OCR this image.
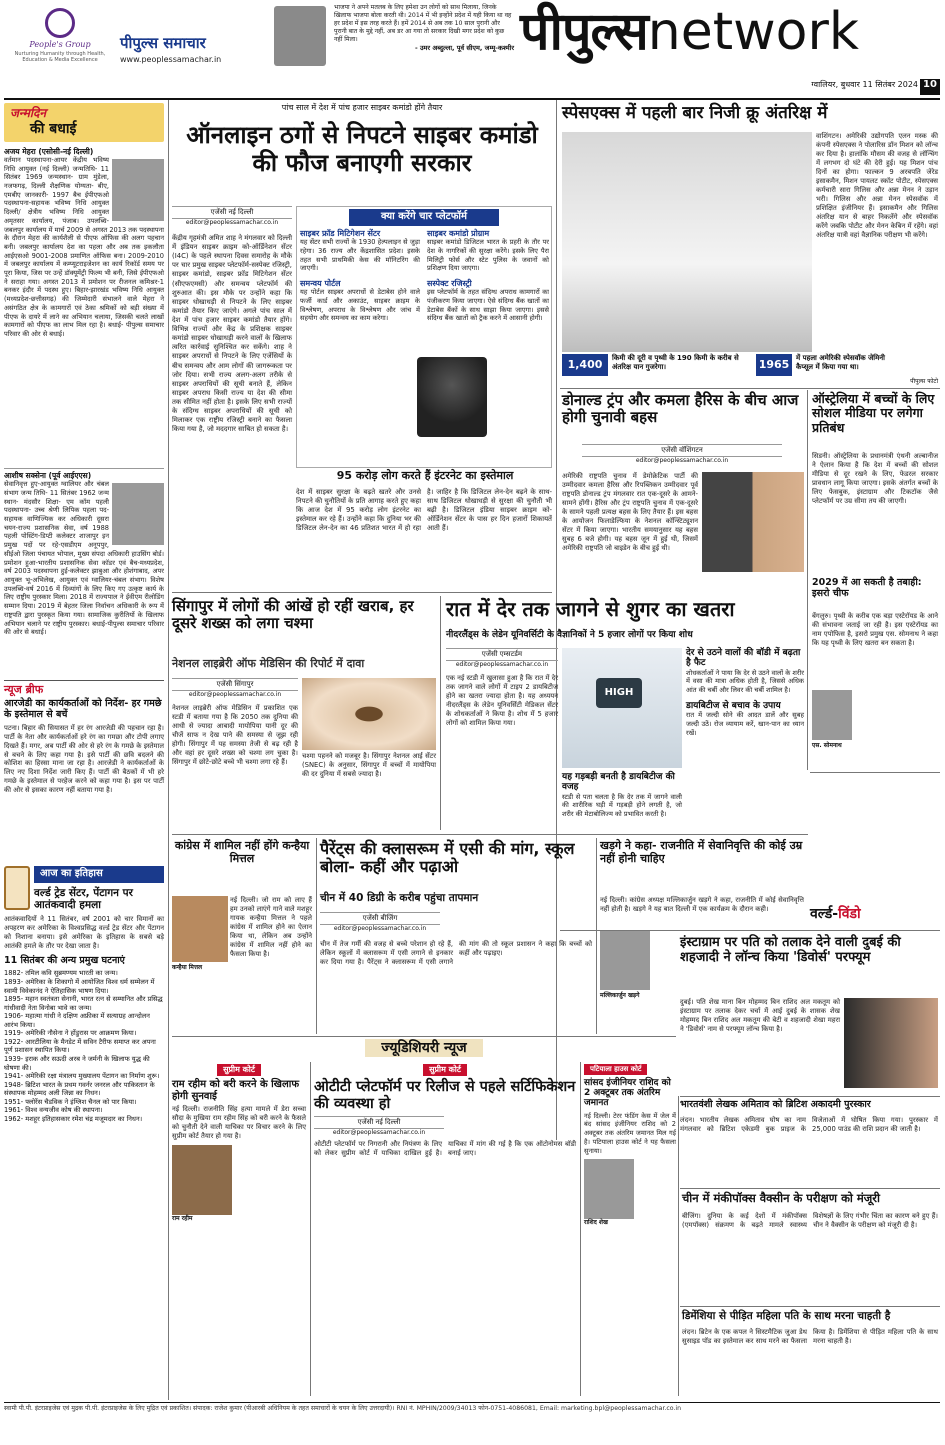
People's Group
Nurturing Humanity through Health, Education & Media Excellence
पीपुल्स समाचार
www.peoplessamachar.in
भाजपा ने अपने मतलब के लिए हमेशा उन लोगों को साथ मिलाया, जिनके खिलाफ भाजपा बोला करती थी। 2014 में भी इन्होंने प्रदेश में यही किया था वह हर प्रदेश में इस तरह करते हैं। हमें 2014 से अब तक 10 साल पुरानी और पुरानी बात के मुद्दे नहीं, अब डर आ गया तो सरकार दिखी मगर प्रदेश को कुछ नहीं मिला।
- उमर अब्दुल्ला, पूर्व सीएम, जम्मू-कश्मीर पीपुल्सnetwork
ग्वालियर, बुधवार 11 सितंबर 2024 10
जन्मदिन
की बधाई
अजय मेहरा (एसोसी-नई दिल्ली)
वर्तमान पदस्थापना-आयर केंद्रीय भविष्य निधि आयुक्त (नई दिल्ली) जन्मतिथि- 11 सितंबर 1969 जन्मस्थान- ग्राम मुंडेला, नजफगढ़, दिल्ली शैक्षणिक योग्यता- बीए, एमबीए जानकारी- 1997 बैच ईपीएफओ पदस्थापना-सहायक भविष्य निधि आयुक्त दिल्ली/ क्षेत्रीय भविष्य निधि आयुक्त अमृतसर कार्यालय, पंजाब। उपलब्धि- जबलपुर कार्यालय में मार्च 2009 से अगस्त 2013 तक पदस्थापना के दौरान मेहरा की कार्यशैली से पीएफ ऑफिस की अलग पहचान बनी। जबलपुर कार्यालय देश का पहला और अब तक इकलौता आईएसओ 9001-2008 प्रमाणित ऑफिस बना। 2009-2010 में जबलपुर कार्यालय में कम्प्यूटराइजेशन का कार्य रिकॉर्ड समय पर पूरा किया, जिस पर उन्हें डॉक्यूमेंट्री फिल्म भी बनी, जिसे ईपीएफओ ने सराहा गया। अगस्त 2013 में प्रमोशन पर रीजनल कमिश्नर-1 बनकर इंदौर में पदस्थ हुए। बिहार-झारखंड भविष्य निधि आयुक्त (मध्यप्रदेश-छत्तीसगढ़) की जिम्मेदारी संभालने वाले मेहरा ने असंगठित क्षेत्र के कामगारों एवं ठेका श्रमिकों को बड़ी संख्या में पीएफ के दायरे में लाने का अभियान चलाया, जिसकी चलते लाखों कामगारों को पीएफ का लाभ मिल रहा है। बधाई- पीपुल्स समाचार परिवार की ओर से बधाई।
आशीष सक्सेना (पूर्व आईएएस)
सेवानिवृत्त हुए-आयुक्त ग्वालियर और चंबल संभाग जन्म तिथि- 11 सितंबर 1962 जन्म स्थान- मंदसौर शिक्षा- एम कॉम पहली पदस्थापना- उच्च श्रेणी लिपिक पहला पद-सहायक वाणिज्यिक कर अधिकारी दूसरा चयन-राज्य प्रशासनिक सेवा, वर्ष 1988 पहली पोस्टिंग-डिप्टी कलेक्टर शाजापुर इन प्रमुख पदों पर रहे-एसडीएम अनूपपुर, सीईओ जिला पंचायत भोपाल, मुख्य संपदा अधिकारी हाउसिंग बोर्ड। प्रमोशन हुआ-भारतीय प्रशासनिक सेवा कॉडर एवं बैच-मध्यप्रदेश, वर्ष 2003 पदस्थापना हुई-कलेक्टर झाबुआ और होशंगाबाद, अपर आयुक्त भू-अभिलेख, आयुक्त एवं ग्वालियर-चंबल संभाग। विशेष उपलब्धि-वर्ष 2016 में दिव्यांगों के लिए किए गए उत्कृष्ट कार्य के लिए राष्ट्रीय पुरस्कार मिला। 2018 में राज्यपाल ने ईवीएम रीलोडिंग सम्मान दिया। 2019 में बेहतर जिला निर्वाचन अधिकारी के रूप में राष्ट्रपति द्वारा पुरस्कृत किया गया। सामाजिक कुरीतियों के खिलाफ अभियान चलाने पर राष्ट्रीय पुरस्कार। बधाई-पीपुल्स समाचार परिवार की ओर से बधाई।
न्यूज ब्रीफ
आरजेडी का कार्यकर्ताओं को निर्देश- हर गमछे के इस्तेमाल से बचें
पटना। बिहार की सियासत में हर रंग आरजेडी की पहचान रहा है। पार्टी के नेता और कार्यकर्ताओं हरे रंग का गमछा और टोपी लगाए दिखते हैं। मगर, अब पार्टी की ओर से हरे रंग के गमछे के इस्तेमाल से बचने के लिए कहा गया है। इसे पार्टी की छवि बदलने की कोशिश का हिस्सा माना जा रहा है। आरजेडी ने कार्यकर्ताओं के लिए नए दिशा निर्देश जारी किए हैं। पार्टी की बैठकों में भी हरे गमछे के इस्तेमाल से परहेज करने को कहा गया है। इस पर पार्टी की ओर से इसका कारण नहीं बताया गया है।
आज का इतिहास
वर्ल्ड ट्रेड सेंटर, पेंटागन पर आतंकवादी हमला
आतंकवादियों ने 11 सितंबर, वर्ष 2001 को चार विमानों का अपहरण कर अमेरिका के विश्वप्रसिद्ध वर्ल्ड ट्रेड सेंटर और पेंटागन को निशाना बनाया। इसे अमेरिका के इतिहास के सबसे बड़े आतंकी हमले के तौर पर देखा जाता है।
11 सितंबर की अन्य प्रमुख घटनाएं
1882- तमिल कवि सुब्रमण्यम भारती का जन्म।
1893- अमेरिका के शिकागो में आयोजित विश्व धर्म सम्मेलन में स्वामी विवेकानंद ने ऐतिहासिक भाषण दिया।
1895- महान स्वतंत्रता सेनानी, भारत रत्न से सम्मानित और प्रसिद्ध गांधीवादी नेता विनोबा भावे का जन्म।
1906- महात्मा गांधी ने दक्षिण अफ्रीका में सत्याग्रह आन्दोलन आरंभ किया।
1919- अमेरिकी नौसेना ने होंडुरास पर आक्रमण किया।
1922- आरटीलिया के मैनडेट में सविन टैरीफ समाप्त कर अपना पूर्ण प्रशासन स्थापित किया।
1939- इराक और सऊदी अरब ने जर्मनी के खिलाफ युद्ध की घोषणा की।
1941- अमेरिकी रक्षा मंत्रालय मुख्यालय पेंटागन का निर्माण शुरू।
1948- ब्रिटिश भारत के प्रथम गवर्नर जनरल और पाकिस्तान के संस्थापक मोहम्मद अली जिन्ना का निधन।
1951- फ्लोरेंस चैडविक ने इंग्लिश चैनल को पार किया।
1961- विश्व वन्यजीव कोष की स्थापना।
1962- मशहूर इतिहासकार रमेश चंद्र मजूमदार का निधन।
पांच साल में देश में पांच हजार साइबर कमांडो होंगे तैयार
ऑनलाइन ठगों से निपटने साइबर कमांडो की फौज बनाएगी सरकार
एजेंसी नई दिल्ली
editor@peoplessamachar.co.in
केंद्रीय गृहमंत्री अमित शाह ने मंगलवार को दिल्ली में इंडियन साइबर क्राइम को-ऑर्डिनेशन सेंटर (I4C) के पहले स्थापना दिवस समारोह के मौके पर चार प्रमुख साइबर प्लेटफॉर्म-सस्पेक्ट रजिस्ट्री, साइबर कमांडो, साइबर फ्रॉड मिटिगेशन सेंटर (सीएफएमसी) और समन्वय प्लेटफॉर्म की शुरुआत की। इस मौके पर उन्होंने कहा कि साइबर धोखाधड़ी से निपटने के लिए साइबर कमांडो तैयार किए जाएंगे। अगले पांच साल में देश में पांच हजार साइबर कमांडो तैयार होंगे। विभिन्न राज्यों और केंद्र के प्रशिक्षक साइबर कमांडो साइबर धोखाधड़ी करने वालों के खिलाफ त्वरित कार्रवाई सुनिश्चित कर सकेंगे। शाह ने साइबर अपराधों से निपटने के लिए एजेंसियों के बीच समन्वय और आम लोगों की जागरूकता पर जोर दिया। सभी राज्य अलग-अलग तरीके से साइबर अपराधियों की सूची बनाते हैं, लेकिन साइबर अपराध किसी राज्य या देश की सीमा तक सीमित नहीं होता है। इसके लिए सभी राज्यों के संदिग्ध साइबर अपराधियों की सूची को मिलाकर एक राष्ट्रीय रजिस्ट्री बनाने का फैसला किया गया है, जो मददगार साबित हो सकता है।
क्या करेंगे चार प्लेटफॉर्म
साइबर फ्रॉड मिटिगेशन सेंटर
यह सेंटर सभी राज्यों के 1930 हेल्पलाइन से जुड़ा रहेगा। 36 राज्य और केंद्रशासित प्रदेश। इसके तहत सभी प्राथमिकी केस की मॉनिटरिंग की जाएगी।
समन्वय पोर्टल
यह पोर्टल साइबर अपराधों से डेटाबेस होने वाले फर्जी कार्ड और अकाउंट, साइबर क्राइम के विश्लेषण, अपराध के विश्लेषण और जांच में सहयोग और समन्वय का काम करेगा।
साइबर कमांडो प्रोग्राम
साइबर कमांडो डिजिटल भारत के प्रहरी के तौर पर देश के नागरिकों की सुरक्षा करेंगे। इसके लिए पैरा मिलिट्री फोर्स और स्टेट पुलिस के जवानों को प्रशिक्षण दिया जाएगा।
सस्पेक्ट रजिस्ट्री
इस प्लेटफॉर्म के तहत संदिग्ध अपराध कामगारों का पंजीकरण किया जाएगा। ऐसे संदिग्ध बैंक खातों का डेटाबेस बैंकों के साथ साझा किया जाएगा। इससे संदिग्ध बैंक खातों को ट्रैक करने में आसानी होगी।
95 करोड़ लोग करते हैं इंटरनेट का इस्तेमाल
देश में साइबर सुरक्षा के बढ़ते खतरे और उनसे निपटने की चुनौतियों के प्रति आगाह करते हुए कहा कि आज देश में 95 करोड़ लोग इंटरनेट का इस्तेमाल कर रहे हैं। उन्होंने कहा कि दुनिया भर की डिजिटल लेन-देन का 46 प्रतिशत भारत में हो रहा है। जाहिर है कि डिजिटल लेन-देन बढ़ने के साथ-साथ डिजिटल धोखाधड़ी से सुरक्षा की चुनौती भी बढ़ी है। डिजिटल इंडिया साइबर क्राइम को-ऑर्डिनेशन सेंटर के पास हर दिन हजारों शिकायतें आती हैं।
स्पेसएक्स में पहली बार निजी क्रू अंतरिक्ष में
वाशिंगटन। अमेरिकी उद्योगपति एलन मस्क की कंपनी स्पेसएक्स ने पोलारिस डॉन मिशन को लॉन्च कर दिया है। हालांकि मौसम की वजह से लॉन्चिंग में लगभग दो घंटे की देरी हुई। यह मिशन पांच दिनों का होगा। फाल्कन 9 अरबपति जेरेड इसाकमैन, मिशन पायलट स्कॉट पोटीट, स्पेसएक्स कर्मचारी सारा गिलिस और अन्ना मेनन ने उड़ान भरी। गिलिस और अन्ना मेनन स्पेसवॉक में प्रशिक्षित इंजीनियर हैं। इसाकमैन और गिलिस अंतरिक्ष यान से बाहर निकलेंगे और स्पेसवॉक करेंगे जबकि पोटीट और मेनन केबिन में रहेंगे। वहां अंतरिक्ष यात्री वहां वैज्ञानिक परीक्षण भी करेंगे।
1,400	किमी की दूरी व पृथ्वी के 190 किमी के करीब से अंतरिक्ष यान गुजरेगा।	1965 में पहला अमेरिकी स्पेसवॉक जेमिनी कैप्सूल में किया गया था।
पीपुल्स फोटो
डोनाल्ड ट्रंप और कमला हैरिस के बीच आज होगी चुनावी बहस
एजेंसी वॉशिंगटन
editor@peoplessamachar.co.in
अमेरिकी राष्ट्रपति चुनाव में डेमोक्रेटिक पार्टी की उम्मीदवार कमला हैरिस और रिपब्लिकन उम्मीदवार पूर्व राष्ट्रपति डोनाल्ड ट्रंप मंगलवार रात एक-दूसरे के आमने-सामने होंगी। हैरिस और ट्रंप राष्ट्रपति चुनाव में एक-दूसरे के सामने पहली प्रत्यक्ष बहस के लिए तैयार हैं। इस बहस के आयोजन फिलाडेल्फिया के नेशनल कॉन्स्टिट्यूशन सेंटर में किया जाएगा। भारतीय समयानुसार यह बहस सुबह 6 बजे होगी। यह बहस जून में हुई थी, जिसमें अमेरिकी राष्ट्रपति जो बाइडेन के बीच हुई थी।
ऑस्ट्रेलिया में बच्चों के लिए सोशल मीडिया पर लगेगा प्रतिबंध
सिडनी। ऑस्ट्रेलिया के प्रधानमंत्री एंथनी अल्बानीज ने ऐलान किया है कि देश में बच्चों की सोशल मीडिया से दूर रखने के लिए, फेडरल सरकार प्रावधान लागू किया जाएगा। इसके अंतर्गत बच्चों के लिए फेसबुक, इंस्टाग्राम और टिकटॉक जैसे प्लेटफॉर्म पर उम्र सीमा तय की जाएगी।
2029 में आ सकती है तबाही: इसरो चीफ
बेंगलुरु। पृथ्वी के करीब एक बड़ा एस्टेरॉयड के आने की संभावना जताई जा रही है। इस एस्टेरॉयड का नाम एपोफिस है, इसरो प्रमुख एस. सोमनाथ ने कहा कि यह पृथ्वी के लिए खतरा बन सकता है।
एस. सोमनाथ
सिंगापुर में लोगों की आंखें हो रहीं खराब, हर दूसरे शख्स को लगा चश्मा
नेशनल लाइब्रेरी ऑफ मेडिसिन की रिपोर्ट में दावा
एजेंसी सिंगापुर
editor@peoplessamachar.co.in
नेशनल लाइब्रेरी ऑफ मेडिसिन में प्रकाशित एक स्टडी में बताया गया है कि 2050 तक दुनिया की आधी से ज्यादा आबादी मायोपिया यानी दूर की चीजें साफ न देख पाने की समस्या से जूझ रही होगी। सिंगापुर में यह समस्या तेजी से बढ़ रही है और वहां हर दूसरे शख्स को चश्मा लग चुका है। सिंगापुर में छोटे-छोटे बच्चे भी चश्मा लगा रहे हैं।
चश्मा पहनने को मजबूर है। सिंगापुर नेशनल आई सेंटर (SNEC) के अनुसार, सिंगापुर में बच्चों में मायोपिया की दर दुनिया में सबसे ज्यादा है।
रात में देर तक जागने से शुगर का खतरा
नीदरलैंड्स के लेडेन यूनिवर्सिटी के वैज्ञानिकों ने 5 हजार लोगों पर किया शोध
एजेंसी एम्सटर्डम
editor@peoplessamachar.co.in
एक नई स्टडी में खुलासा हुआ है कि रात में देर तक जागने वाले लोगों में टाइप 2 डायबिटीज होने का खतरा ज्यादा होता है। यह अध्ययन नीदरलैंड्स के लेडेन यूनिवर्सिटी मेडिकल सेंटर के शोधकर्ताओं ने किया है। शोध में 5 हजार लोगों को शामिल किया गया।
HIGH
यह गड़बड़ी बनती है डायबिटीज की वजह
स्टडी से पता चलता है कि देर तक में जागने वाली की शारीरिक घड़ी में गड़बड़ी होने लगती है, जो शरीर की मेटाबोलिज्म को प्रभावित करती है।
देर से उठने वालों की बॉडी में बढ़ता है फैट
शोधकर्ताओं ने पाया कि देर से उठने वालों के शरीर में वसा की मात्रा अधिक होती है, जिससे अधिक आंत की चर्बी और लिवर की चर्बी शामिल है।
डायबिटीज से बचाव के उपाय
रात में जल्दी सोने की आदत डालें और सुबह जल्दी उठें। रोज व्यायाम करें, खान-पान का ध्यान रखें।
कांग्रेस में शामिल नहीं होंगे कन्हैया मित्तल
कन्हैया मित्तल
नई दिल्ली। जो राम को लाए हैं हम उनको लाएंगे गाने वाले मशहूर गायक कन्हैया मित्तल ने पहले कांग्रेस में शामिल होने का ऐलान किया था, लेकिन अब उन्होंने कांग्रेस में शामिल नहीं होने का फैसला किया है।
पैरेंट्स की क्लासरूम में एसी की मांग, स्कूल बोला- कहीं और पढ़ाओ
चीन में 40 डिग्री के करीब पहुंचा तापमान
एजेंसी बीजिंग
editor@peoplessamachar.co.in
चीन में तेज गर्मी की वजह से बच्चे परेशान हो रहे हैं, लेकिन स्कूलों में क्लासरूम में एसी लगाने से इनकार कर दिया गया है। पैरेंट्स ने क्लासरूम में एसी लगाने की मांग की तो स्कूल प्रशासन ने कहा कि बच्चों को कहीं और पढ़ाइए।
खड़गे ने कहा- राजनीति में सेवानिवृत्ति की कोई उम्र नहीं होनी चाहिए
नई दिल्ली। कांग्रेस अध्यक्ष मल्लिकार्जुन खड़गे ने कहा, राजनीति में कोई सेवानिवृत्ति नहीं होती है। खड़गे ने यह बात दिल्ली में एक कार्यक्रम के दौरान कही।
मल्लिकार्जुन खड़गे
वर्ल्ड-विंडो
इंस्टाग्राम पर पति को तलाक देने वाली दुबई की शहजादी ने लॉन्च किया 'डिवोर्स' परफ्यूम
दुबई। पति शेख माना बिन मोहम्मद बिन राशिद अल मकतूम को इंस्टाग्राम पर तलाक देकर चर्चा में आई दुबई के शासक शेख मोहम्मद बिन राशिद अल मकतूम की बेटी व शहजादी शेखा महरा ने 'डिवोर्स' नाम से परफ्यूम लॉन्च किया है।
भारतवंशी लेखक अमिताव को ब्रिटिश अकादमी पुरस्कार
लंदन। भारतीय लेखक अमिताव घोष का नाम मंगलवार को ब्रिटिश एकेडमी बुक प्राइज के विजेताओं में घोषित किया गया। पुरस्कार में 25,000 पाउंड की राशि प्रदान की जाती है।
ज्यूडिशियरी न्यूज
सुप्रीम कोर्ट
राम रहीम को बरी करने के खिलाफ होगी सुनवाई
नई दिल्ली। राजनीति सिंह हत्या मामले में डेरा सच्चा सौदा के मुखिया राम रहीम सिंह को बरी करने के फैसले को चुनौती देने वाली याचिका पर विचार करने के लिए सुप्रीम कोर्ट तैयार हो गया है।
राम रहीम
सुप्रीम कोर्ट
ओटीटी प्लेटफॉर्म पर रिलीज से पहले सर्टिफिकेशन की व्यवस्था हो
एजेंसी नई दिल्ली
editor@peoplessamachar.co.in
ओटीटी प्लेटफॉर्म पर निगरानी और नियंत्रण के लिए को लेकर सुप्रीम कोर्ट में याचिका दाखिल हुई है। याचिका में मांग की गई है कि एक ऑटोनोमस बॉडी बनाई जाए।
पटियाला हाउस कोर्ट
सांसद इंजीनियर राशिद को 2 अक्टूबर तक अंतरिम जमानत
नई दिल्ली। टेरर फंडिंग केस में जेल में बंद सांसद इंजीनियर राशिद को 2 अक्टूबर तक अंतरिम जमानत मिल गई है। पटियाला हाउस कोर्ट ने यह फैसला सुनाया।
राशिद शेख
चीन में मंकीपॉक्स वैक्सीन के परीक्षण को मंजूरी
बीजिंग। दुनिया के कई देशों में मंकीपॉक्स (एमपॉक्स) संक्रमण के बढ़ते मामले स्वास्थ्य विशेषज्ञों के लिए गंभीर चिंता का कारण बने हुए हैं। चीन ने वैक्सीन के परीक्षण को मंजूरी दी है।
डिमेंशिया से पीड़ित महिला पति के साथ मरना चाहती है
लंदन। ब्रिटेन के एक कपल ने सिस्टमैटिक जुआ डेथ सुसाइड पॉड का इस्तेमाल कर साथ मरने का फैसला किया है। डिमेंशिया से पीड़ित महिला पति के साथ मरना चाहती है।
स्वामी पी.पी. इंटरप्राइजेस एवं मुद्रक पी.पी. इंटरप्राइजेस के लिए मुद्रित एवं प्रकाशित। संपादक: राजेश कुमार (पीआरबी अधिनियम के तहत समाचारों के चयन के लिए उत्तरदायी)। RNI नं. MPHIN/2009/34013 फोन-0751-4086081, Email: marketing.bpl@peoplessamachar.co.in
